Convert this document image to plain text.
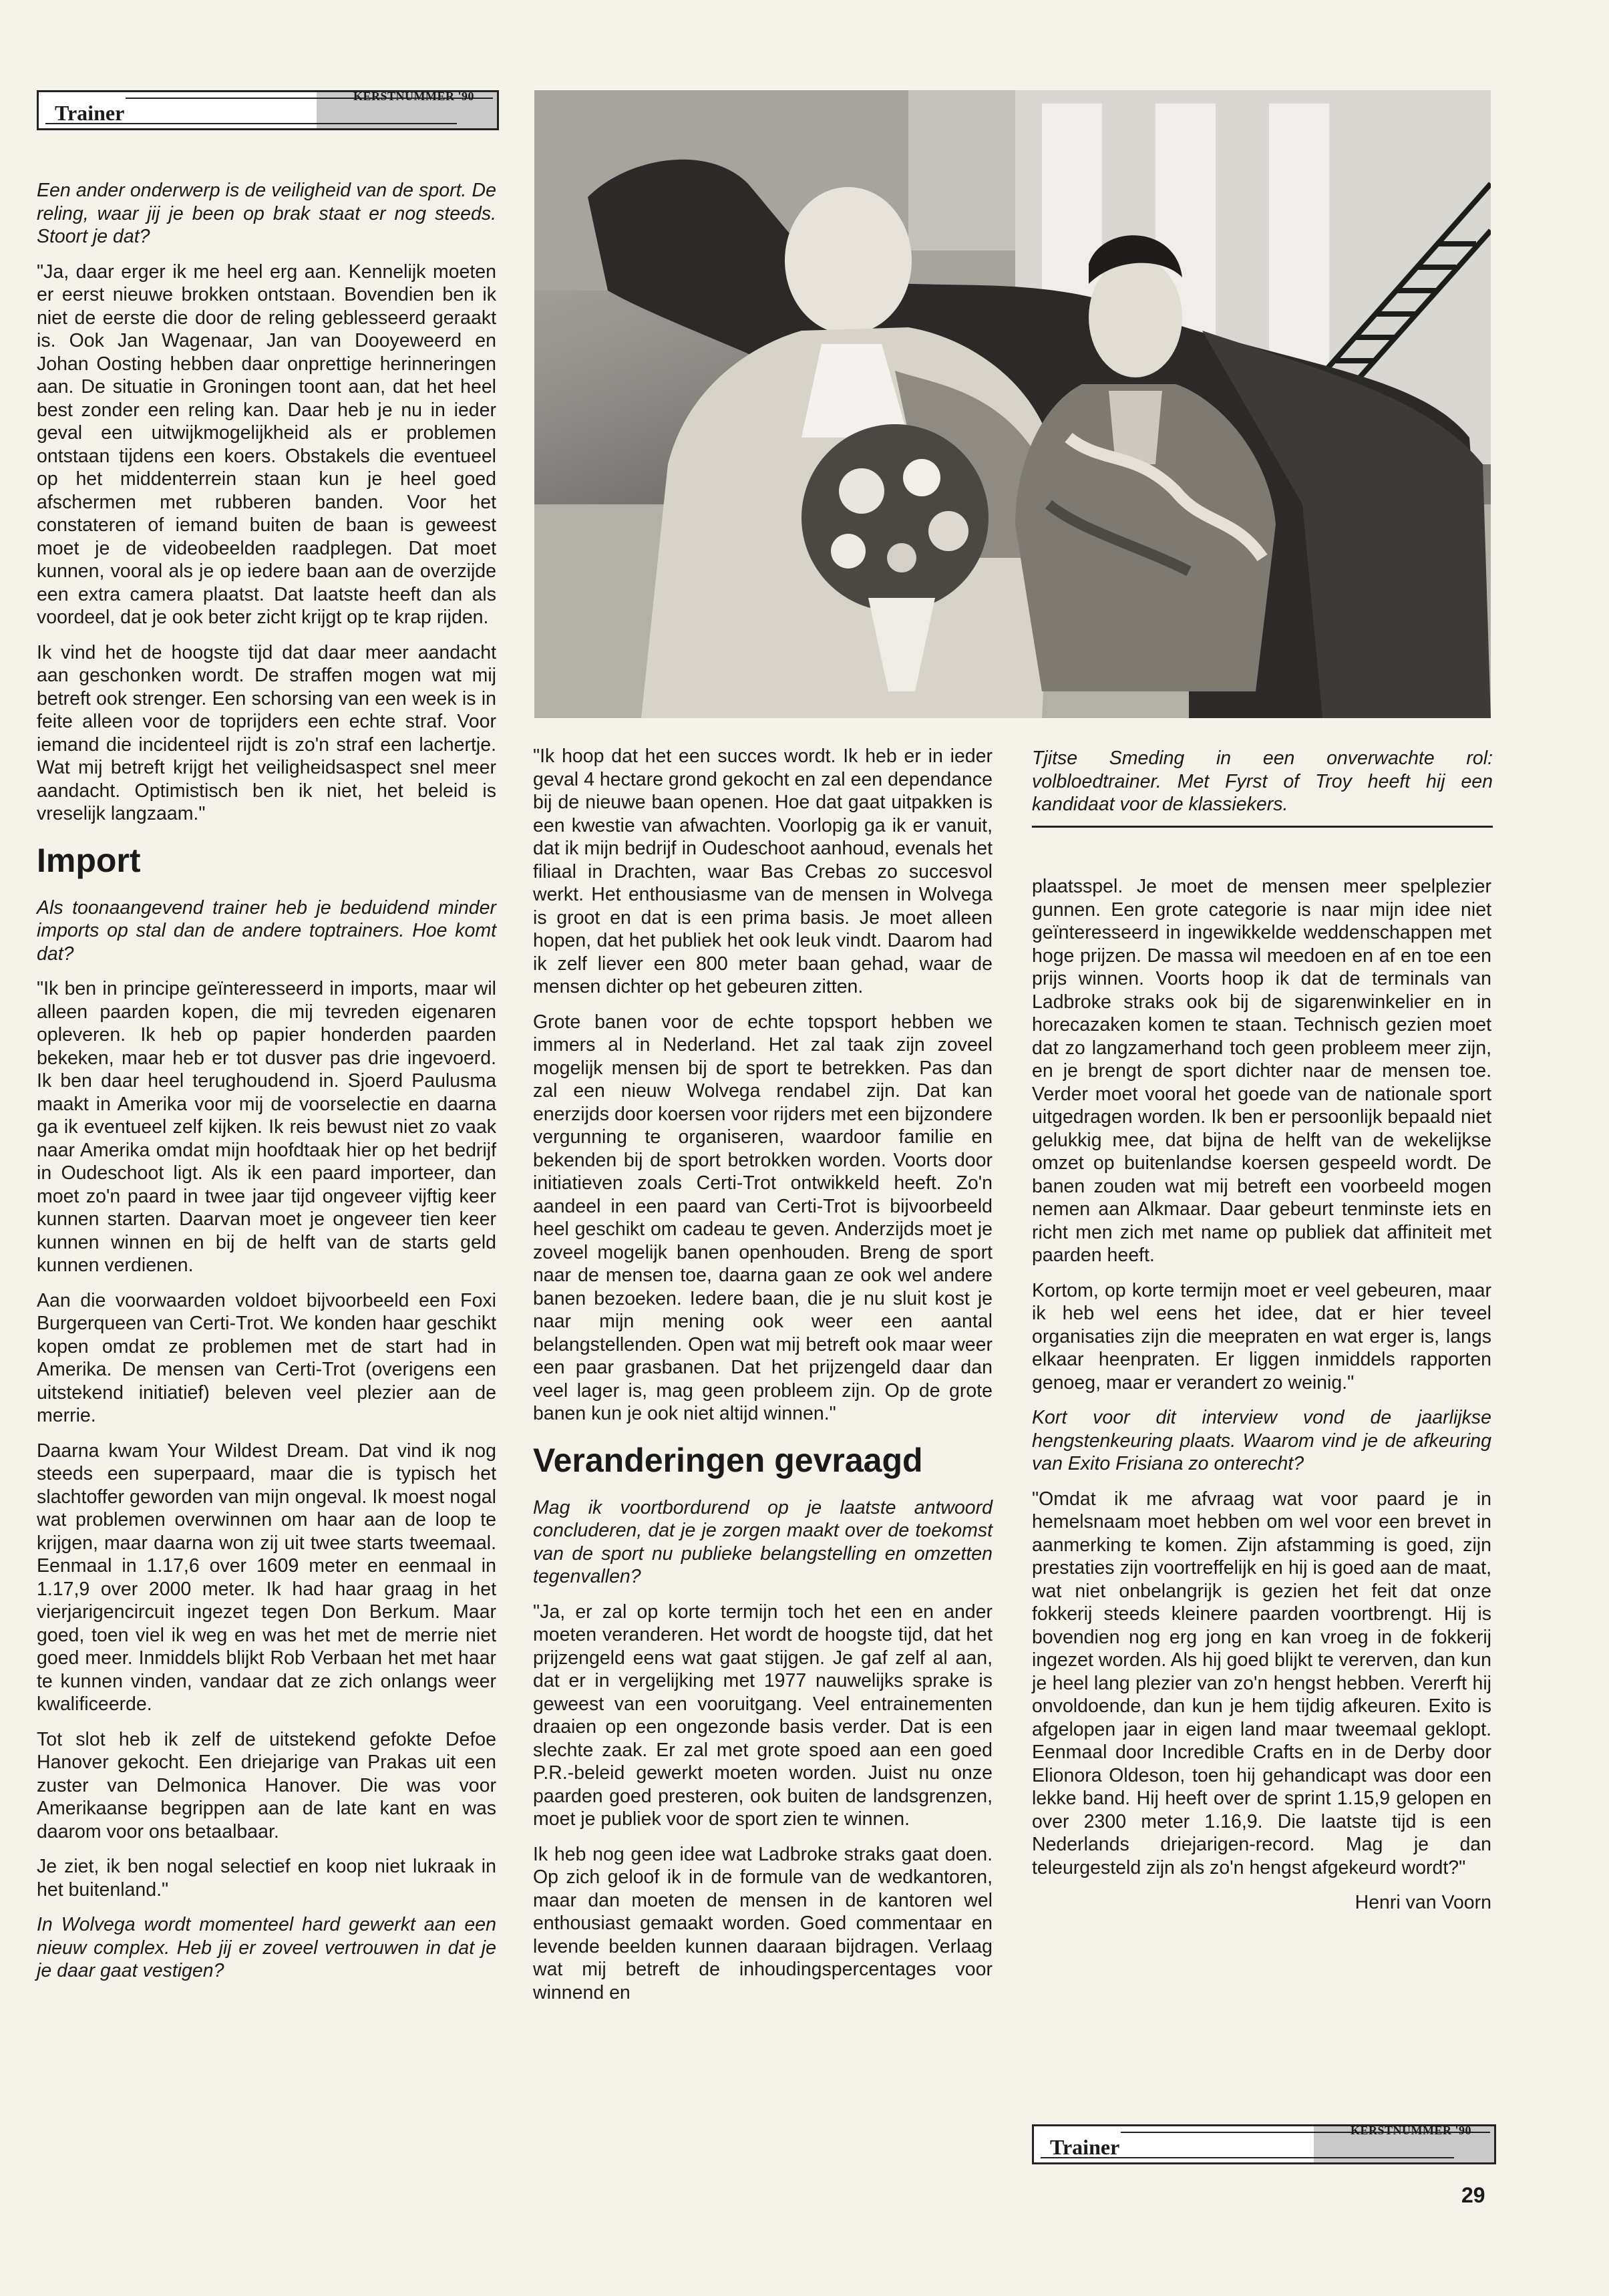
KERSTNUMMER '90
Trainer

Een ander onderwerp is de veiligheid van de sport. De reling, waar jij je been op brak staat er nog steeds. Stoort je dat?

"Ja, daar erger ik me heel erg aan. Kennelijk moeten er eerst nieuwe brokken ontstaan. Bovendien ben ik niet de eerste die door de reling geblesseerd geraakt is. Ook Jan Wagenaar, Jan van Dooyeweerd en Johan Oosting hebben daar onprettige herinneringen aan. De situatie in Groningen toont aan, dat het heel best zonder een reling kan. Daar heb je nu in ieder geval een uitwijkmogelijkheid als er problemen ontstaan tijdens een koers. Obstakels die eventueel op het middenterrein staan kun je heel goed afschermen met rubberen banden. Voor het constateren of iemand buiten de baan is geweest moet je de videobeelden raadplegen. Dat moet kunnen, vooral als je op iedere baan aan de overzijde een extra camera plaatst. Dat laatste heeft dan als voordeel, dat je ook beter zicht krijgt op te krap rijden.

Ik vind het de hoogste tijd dat daar meer aandacht aan geschonken wordt. De straffen mogen wat mij betreft ook strenger. Een schorsing van een week is in feite alleen voor de toprijders een echte straf. Voor iemand die incidenteel rijdt is zo'n straf een lachertje. Wat mij betreft krijgt het veiligheidsaspect snel meer aandacht. Optimistisch ben ik niet, het beleid is vreselijk langzaam."

Import

Als toonaangevend trainer heb je beduidend minder imports op stal dan de andere toptrainers. Hoe komt dat?

"Ik ben in principe geïnteresseerd in imports, maar wil alleen paarden kopen, die mij tevreden eigenaren opleveren. Ik heb op papier honderden paarden bekeken, maar heb er tot dusver pas drie ingevoerd. Ik ben daar heel terughoudend in. Sjoerd Paulusma maakt in Amerika voor mij de voorselectie en daarna ga ik eventueel zelf kijken. Ik reis bewust niet zo vaak naar Amerika omdat mijn hoofdtaak hier op het bedrijf in Oudeschoot ligt. Als ik een paard importeer, dan moet zo'n paard in twee jaar tijd ongeveer vijftig keer kunnen starten. Daarvan moet je ongeveer tien keer kunnen winnen en bij de helft van de starts geld kunnen verdienen.

Aan die voorwaarden voldoet bijvoorbeeld een Foxi Burgerqueen van Certi-Trot. We konden haar geschikt kopen omdat ze problemen met de start had in Amerika. De mensen van Certi-Trot (overigens een uitstekend initiatief) beleven veel plezier aan de merrie.

Daarna kwam Your Wildest Dream. Dat vind ik nog steeds een superpaard, maar die is typisch het slachtoffer geworden van mijn ongeval. Ik moest nogal wat problemen overwinnen om haar aan de loop te krijgen, maar daarna won zij uit twee starts tweemaal. Eenmaal in 1.17,6 over 1609 meter en eenmaal in 1.17,9 over 2000 meter. Ik had haar graag in het vierjarigencircuit ingezet tegen Don Berkum. Maar goed, toen viel ik weg en was het met de merrie niet goed meer. Inmiddels blijkt Rob Verbaan het met haar te kunnen vinden, vandaar dat ze zich onlangs weer kwalificeerde.

Tot slot heb ik zelf de uitstekend gefokte Defoe Hanover gekocht. Een driejarige van Prakas uit een zuster van Delmonica Hanover. Die was voor Amerikaanse begrippen aan de late kant en was daarom voor ons betaalbaar.

Je ziet, ik ben nogal selectief en koop niet lukraak in het buitenland."

In Wolvega wordt momenteel hard gewerkt aan een nieuw complex. Heb jij er zoveel vertrouwen in dat je je daar gaat vestigen?

"Ik hoop dat het een succes wordt. Ik heb er in ieder geval 4 hectare grond gekocht en zal een dependance bij de nieuwe baan openen. Hoe dat gaat uitpakken is een kwestie van afwachten. Voorlopig ga ik er vanuit, dat ik mijn bedrijf in Oudeschoot aanhoud, evenals het filiaal in Drachten, waar Bas Crebas zo succesvol werkt. Het enthousiasme van de mensen in Wolvega is groot en dat is een prima basis. Je moet alleen hopen, dat het publiek het ook leuk vindt. Daarom had ik zelf liever een 800 meter baan gehad, waar de mensen dichter op het gebeuren zitten.

Grote banen voor de echte topsport hebben we immers al in Nederland. Het zal taak zijn zoveel mogelijk mensen bij de sport te betrekken. Pas dan zal een nieuw Wolvega rendabel zijn. Dat kan enerzijds door koersen voor rijders met een bijzondere vergunning te organiseren, waardoor familie en bekenden bij de sport betrokken worden. Voorts door initiatieven zoals Certi-Trot ontwikkeld heeft. Zo'n aandeel in een paard van Certi-Trot is bijvoorbeeld heel geschikt om cadeau te geven. Anderzijds moet je zoveel mogelijk banen openhouden. Breng de sport naar de mensen toe, daarna gaan ze ook wel andere banen bezoeken. Iedere baan, die je nu sluit kost je naar mijn mening ook weer een aantal belangstellenden. Open wat mij betreft ook maar weer een paar grasbanen. Dat het prijzengeld daar dan veel lager is, mag geen probleem zijn. Op de grote banen kun je ook niet altijd winnen."

Veranderingen gevraagd

Mag ik voortbordurend op je laatste antwoord concluderen, dat je je zorgen maakt over de toekomst van de sport nu publieke belangstelling en omzetten tegenvallen?

"Ja, er zal op korte termijn toch het een en ander moeten veranderen. Het wordt de hoogste tijd, dat het prijzengeld eens wat gaat stijgen. Je gaf zelf al aan, dat er in vergelijking met 1977 nauwelijks sprake is geweest van een vooruitgang. Veel entrainementen draaien op een ongezonde basis verder. Dat is een slechte zaak. Er zal met grote spoed aan een goed P.R.-beleid gewerkt moeten worden. Juist nu onze paarden goed presteren, ook buiten de landsgrenzen, moet je publiek voor de sport zien te winnen.

Ik heb nog geen idee wat Ladbroke straks gaat doen. Op zich geloof ik in de formule van de wedkantoren, maar dan moeten de mensen in de kantoren wel enthousiast gemaakt worden. Goed commentaar en levende beelden kunnen daaraan bijdragen. Verlaag wat mij betreft de inhoudingspercentages voor winnend en

Tjitse Smeding in een onverwachte rol: volbloedtrainer. Met Fyrst of Troy heeft hij een kandidaat voor de klassiekers.

plaatsspel. Je moet de mensen meer spelplezier gunnen. Een grote categorie is naar mijn idee niet geïnteresseerd in ingewikkelde weddenschappen met hoge prijzen. De massa wil meedoen en af en toe een prijs winnen. Voorts hoop ik dat de terminals van Ladbroke straks ook bij de sigarenwinkelier en in horecazaken komen te staan. Technisch gezien moet dat zo langzamerhand toch geen probleem meer zijn, en je brengt de sport dichter naar de mensen toe. Verder moet vooral het goede van de nationale sport uitgedragen worden. Ik ben er persoonlijk bepaald niet gelukkig mee, dat bijna de helft van de wekelijkse omzet op buitenlandse koersen gespeeld wordt. De banen zouden wat mij betreft een voorbeeld mogen nemen aan Alkmaar. Daar gebeurt tenminste iets en richt men zich met name op publiek dat affiniteit met paarden heeft.

Kortom, op korte termijn moet er veel gebeuren, maar ik heb wel eens het idee, dat er hier teveel organisaties zijn die meepraten en wat erger is, langs elkaar heenpraten. Er liggen inmiddels rapporten genoeg, maar er verandert zo weinig."

Kort voor dit interview vond de jaarlijkse hengstenkeuring plaats. Waarom vind je de afkeuring van Exito Frisiana zo onterecht?

"Omdat ik me afvraag wat voor paard je in hemelsnaam moet hebben om wel voor een brevet in aanmerking te komen. Zijn afstamming is goed, zijn prestaties zijn voortreffelijk en hij is goed aan de maat, wat niet onbelangrijk is gezien het feit dat onze fokkerij steeds kleinere paarden voortbrengt. Hij is bovendien nog erg jong en kan vroeg in de fokkerij ingezet worden. Als hij goed blijkt te vererven, dan kun je heel lang plezier van zo'n hengst hebben. Vererft hij onvoldoende, dan kun je hem tijdig afkeuren. Exito is afgelopen jaar in eigen land maar tweemaal geklopt. Eenmaal door Incredible Crafts en in de Derby door Elionora Oldeson, toen hij gehandicapt was door een lekke band. Hij heeft over de sprint 1.15,9 gelopen en over 2300 meter 1.16,9. Die laatste tijd is een Nederlands driejarigen-record. Mag je dan teleurgesteld zijn als zo'n hengst afgekeurd wordt?"

Henri van Voorn

KERSTNUMMER '90
Trainer
29
